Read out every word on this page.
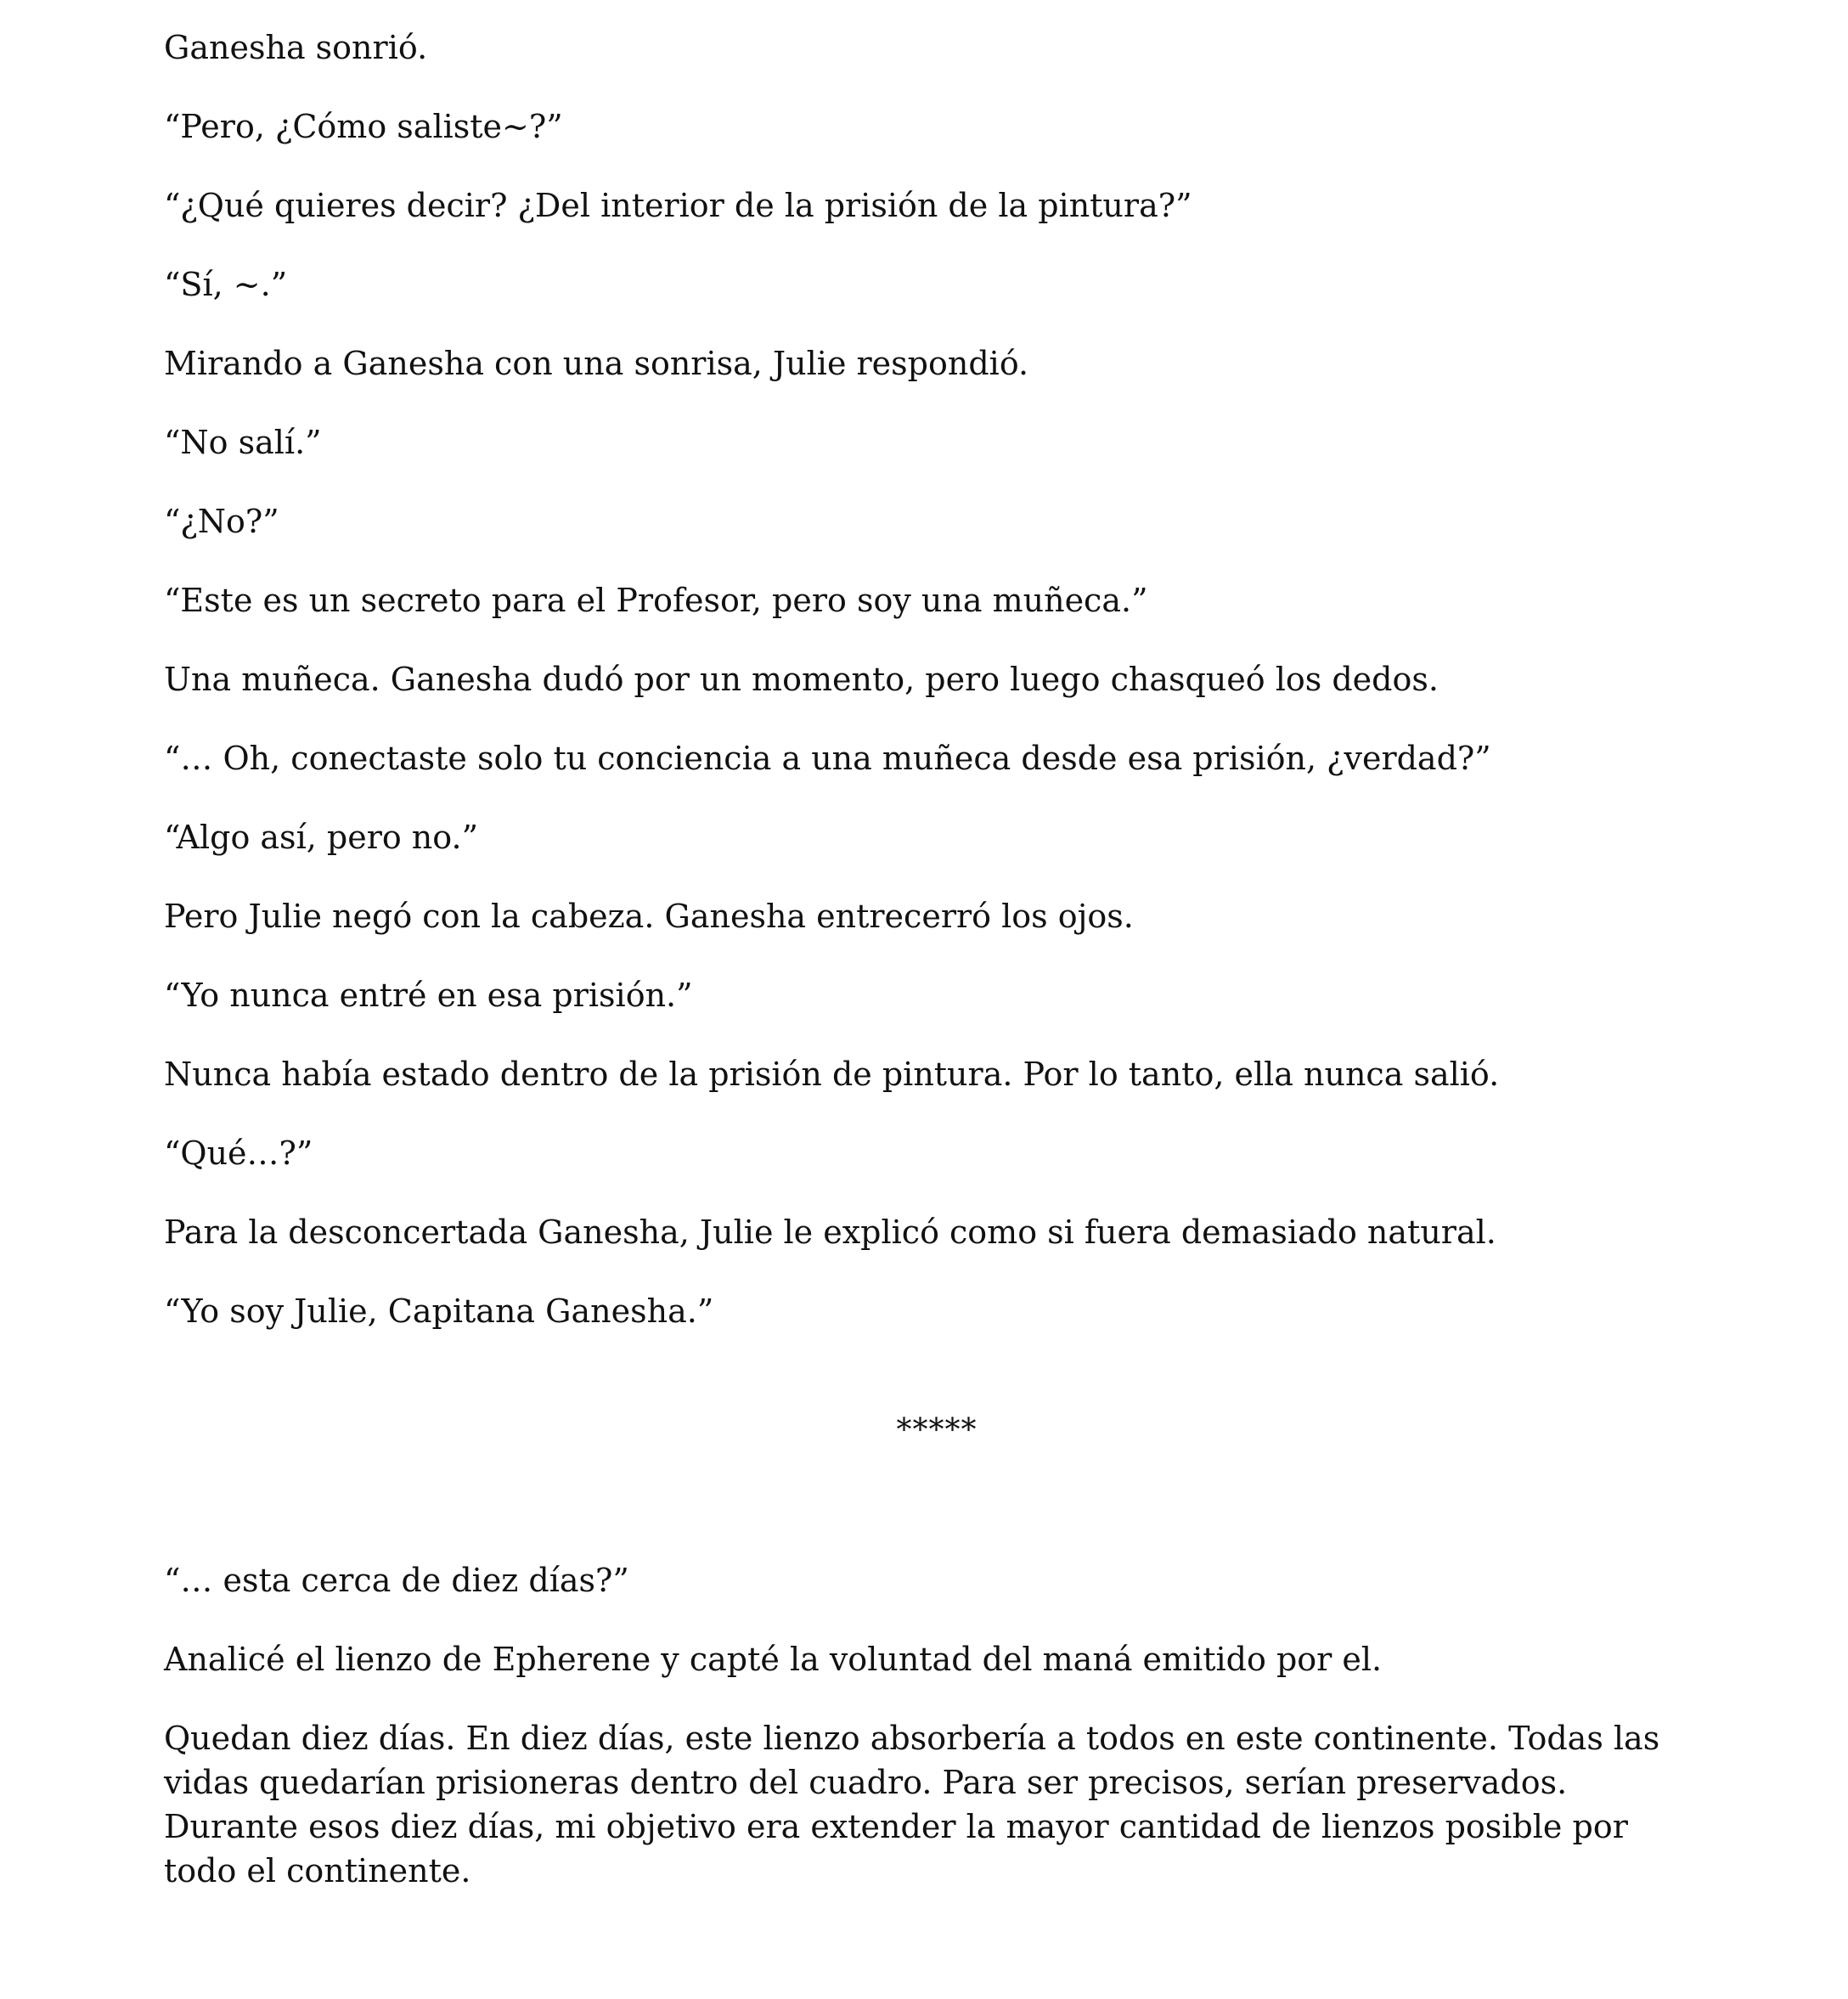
Ganesha sonrió.

“Pero, ¿Cómo saliste~?”

“¿Qué quieres decir? ¿Del interior de la prisión de la pintura?”

“Sí, ~.”

Mirando a Ganesha con una sonrisa, Julie respondió.

“No salí.”

“¿No?”

“Este es un secreto para el Profesor, pero soy una muñeca.”

Una muñeca. Ganesha dudó por un momento, pero luego chasqueó los dedos.

“… Oh, conectaste solo tu conciencia a una muñeca desde esa prisión, ¿verdad?”

“Algo así, pero no.”

Pero Julie negó con la cabeza. Ganesha entrecerró los ojos.

“Yo nunca entré en esa prisión.”

Nunca había estado dentro de la prisión de pintura. Por lo tanto, ella nunca salió.

“Qué…?”

Para la desconcertada Ganesha, Julie le explicó como si fuera demasiado natural.

“Yo soy Julie, Capitana Ganesha.”

*****

“… esta cerca de diez días?”

Analicé el lienzo de Epherene y capté la voluntad del maná emitido por el.

Quedan diez días. En diez días, este lienzo absorbería a todos en este continente. Todas las vidas quedarían prisioneras dentro del cuadro. Para ser precisos, serían preservados. Durante esos diez días, mi objetivo era extender la mayor cantidad de lienzos posible por todo el continente.
